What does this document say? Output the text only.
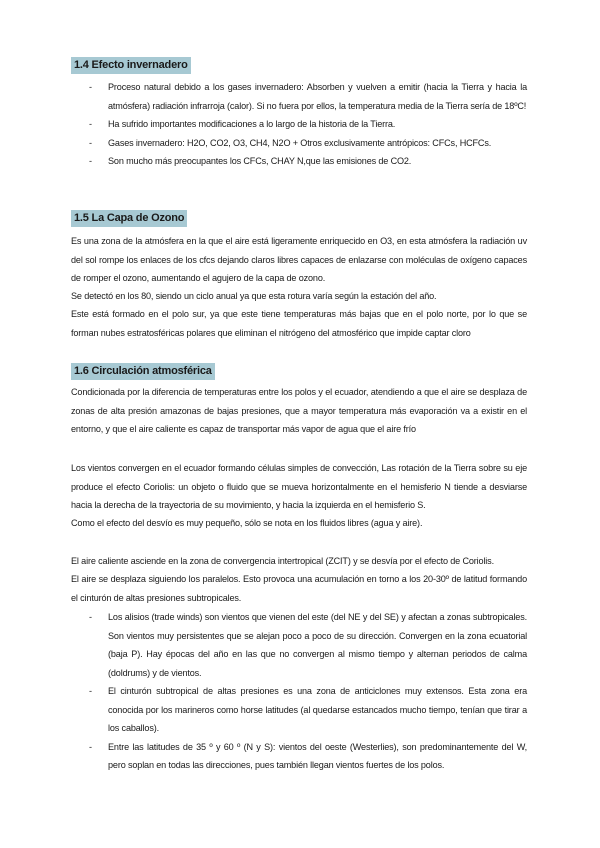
1.4 Efecto invernadero
- Proceso natural debido a los gases invernadero: Absorben y vuelven a emitir (hacia la Tierra y hacia la atmósfera) radiación infrarroja (calor). Si no fuera por ellos, la temperatura media de la Tierra sería de 18ºC!
- Ha sufrido importantes modificaciones a lo largo de la historia de la Tierra.
- Gases invernadero: H2O, CO2, O3, CH4, N2O + Otros exclusivamente antrópicos: CFCs, HCFCs.
- Son mucho más preocupantes los CFCs, CHAY N,que las emisiones de CO2.
1.5 La Capa de Ozono
Es una zona de la atmósfera en la que el aire está ligeramente enriquecido en O3, en esta atmósfera la radiación uv del sol rompe los enlaces de los cfcs dejando claros libres capaces de enlazarse con moléculas de oxígeno capaces de romper el ozono, aumentando el agujero de la capa de ozono.
Se detectó en los 80, siendo un ciclo anual ya que esta rotura varía según la estación del año.
Este está formado en el polo sur, ya que este tiene temperaturas más bajas que en el polo norte, por lo que se forman nubes estratosféricas polares que eliminan el nitrógeno del atmosférico que impide captar cloro
1.6 Circulación atmosférica
Condicionada por la diferencia de temperaturas entre los polos y el ecuador, atendiendo a que el aire se desplaza de zonas de alta presión amazonas de bajas presiones, que a mayor temperatura más evaporación va a existir en el entorno, y que el aire caliente es capaz de transportar más vapor de agua que el aire frío
Los vientos convergen en el ecuador formando células simples de convección, Las rotación de la Tierra sobre su eje produce el efecto Coriolis: un objeto o fluido que se mueva horizontalmente en el hemisferio N tiende a desviarse hacia la derecha de la trayectoria de su movimiento, y hacia la izquierda en el hemisferio S.
Como el efecto del desvío es muy pequeño, sólo se nota en los fluidos libres (agua y aire).
El aire caliente asciende en la zona de convergencia intertropical (ZCIT) y se desvía por el efecto de Coriolis.
El aire se desplaza siguiendo los paralelos. Esto provoca una acumulación en torno a los 20-30º de latitud formando el cinturón de altas presiones subtropicales.
- Los alisios (trade winds) son vientos que vienen del este (del NE y del SE) y afectan a zonas subtropicales. Son vientos muy persistentes que se alejan poco a poco de su dirección. Convergen en la zona ecuatorial (baja P). Hay épocas del año en las que no convergen al mismo tiempo y alternan periodos de calma (doldrums) y de vientos.
- El cinturón subtropical de altas presiones es una zona de anticiclones muy extensos. Esta zona era conocida por los marineros como horse latitudes (al quedarse estancados mucho tiempo, tenían que tirar a los caballos).
- Entre las latitudes de 35 º y 60 º (N y S): vientos del oeste (Westerlies), son predominantemente del W, pero soplan en todas las direcciones, pues también llegan vientos fuertes de los polos.
